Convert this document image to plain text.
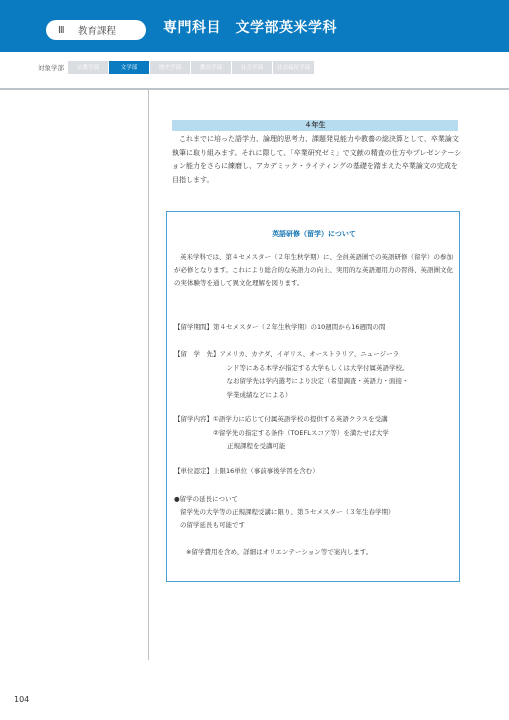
Ⅲ	教育課程	専門科目　文学部英米学科
対象学部	仏教学部	文学部	歴史学部	教育学部	社会学部	社会福祉学部
４年生

これまでに培った語学力、論理的思考力、課題発見能力や教養の総決算として、卒業論文執筆に取り組みます。それに際して、「卒業研究ゼミ」で文献の精査の仕方やプレゼンテーション能力をさらに練磨し、アカデミック・ライティングの基礎を踏まえた卒業論文の完成を目指します。

英語研修（留学）について

英米学科では、第４セメスター（２年生秋学期）に、全員英語圏での英語研修（留学）の参加が必修となります。これにより総合的な英語力の向上、実用的な英語運用力の習得、英語圏文化の実体験等を通して異文化理解を図ります。

【留学期間】 第４セメスター（２年生秋学期）の10週間から16週間の間
【留　学　先】 アメリカ、カナダ、イギリス、オーストラリア、ニュージーラ
ンド等にある本学が指定する大学もしくは大学付属英語学校。
なお留学先は学内選考により決定（希望調査・英語力・面接・
学業成績などによる）
【留学内容】 ①語学力に応じて付属英語学校の提供する英語クラスを受講
②留学先の指定する条件（TOEFLスコア等）を満たせば大学
正規課程を受講可能
【単位認定】 上限16単位（事前事後学習を含む）
●留学の延長について
留学先の大学等の正規課程受講に限り、第５セメスター（３年生春学期）
の留学延長も可能です
※留学費用を含め、詳細はオリエンテーション等で案内します。
104
